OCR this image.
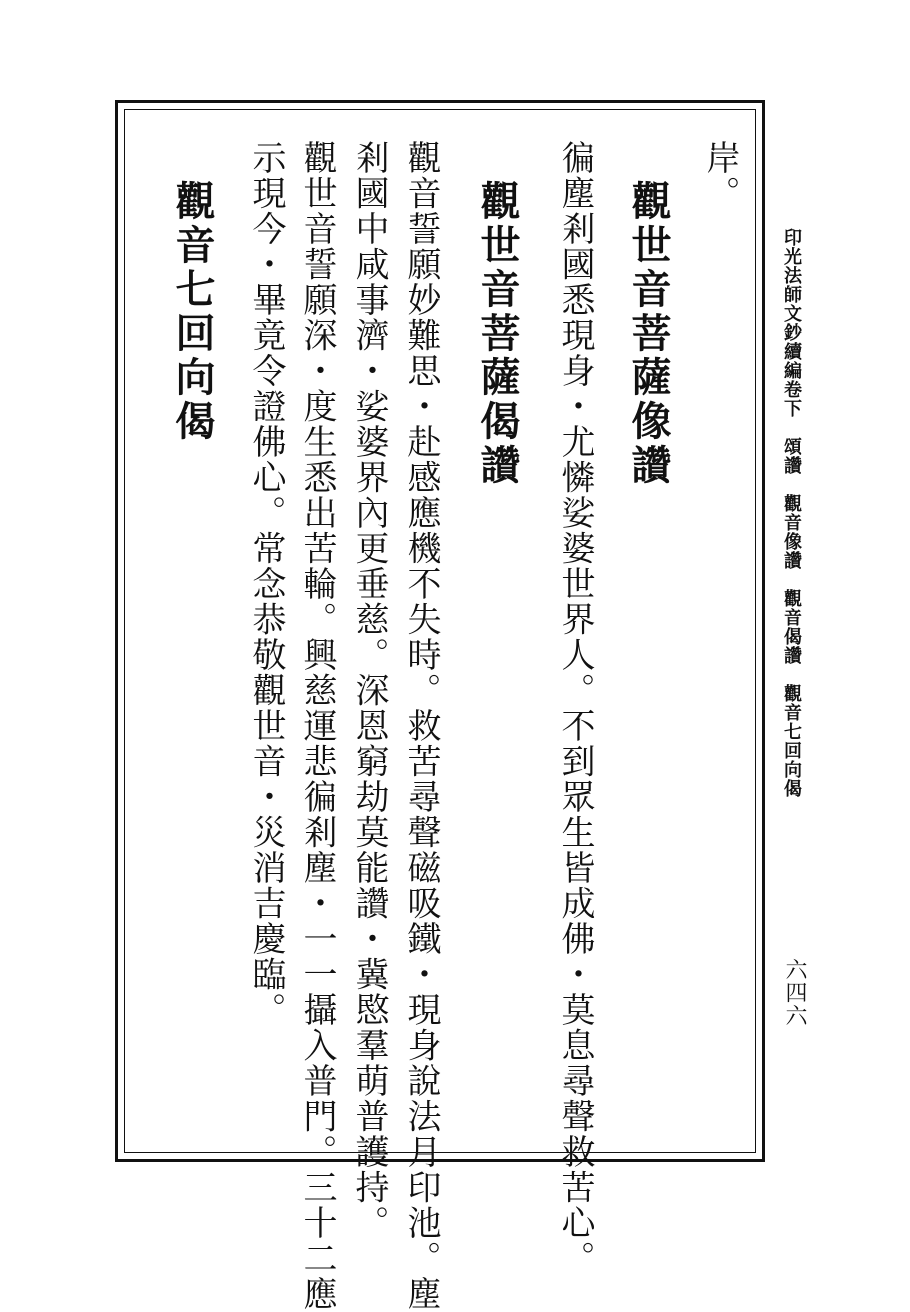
印光法師文鈔續編卷下　頌讚　觀音像讚　觀音偈讚　觀音七回向偈
六四六
岸。
觀世音菩薩像讚
徧塵剎國悉現身・尤憐娑婆世界人。不到眾生皆成佛・莫息尋聲救苦心。
觀世音菩薩偈讚
觀音誓願妙難思・赴感應機不失時。救苦尋聲磁吸鐵・現身說法月印池。塵
剎國中咸事濟・娑婆界內更垂慈。深恩窮劫莫能讚・冀愍羣萌普護持。
觀世音誓願深・度生悉出苦輪。興慈運悲徧剎塵・一一攝入普門。三十二應
示現今・畢竟令證佛心。常念恭敬觀世音・災消吉慶臨。
觀音七回向偈
